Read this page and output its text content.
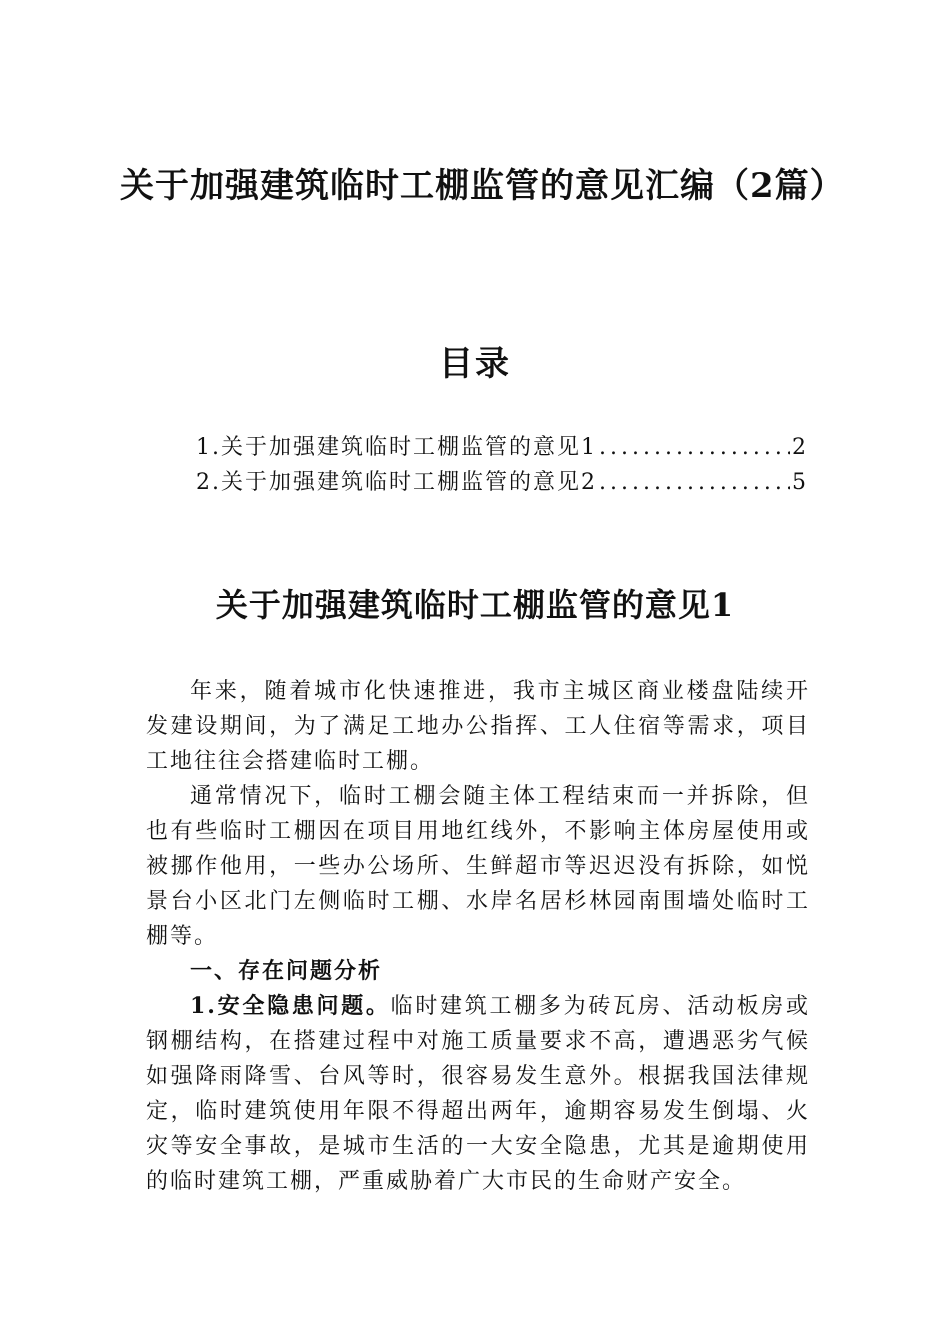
关于加强建筑临时工棚监管的意见汇编（2篇）
目录
1.关于加强建筑临时工棚监管的意见1 .....	2
2.关于加强建筑临时工棚监管的意见2 .....	5
关于加强建筑临时工棚监管的意见1

年来，随着城市化快速推进，我市主城区商业楼盘陆续开发建设期间，为了满足工地办公指挥、工人住宿等需求，项目工地往往会搭建临时工棚。

通常情况下，临时工棚会随主体工程结束而一并拆除，但也有些临时工棚因在项目用地红线外，不影响主体房屋使用或被挪作他用，一些办公场所、生鲜超市等迟迟没有拆除，如悦景台小区北门左侧临时工棚、水岸名居杉林园南围墙处临时工棚等。

一、存在问题分析

1.安全隐患问题。临时建筑工棚多为砖瓦房、活动板房或钢棚结构，在搭建过程中对施工质量要求不高，遭遇恶劣气候如强降雨降雪、台风等时，很容易发生意外。根据我国法律规定，临时建筑使用年限不得超出两年，逾期容易发生倒塌、火灾等安全事故，是城市生活的一大安全隐患，尤其是逾期使用的临时建筑工棚，严重威胁着广大市民的生命财产安全。
